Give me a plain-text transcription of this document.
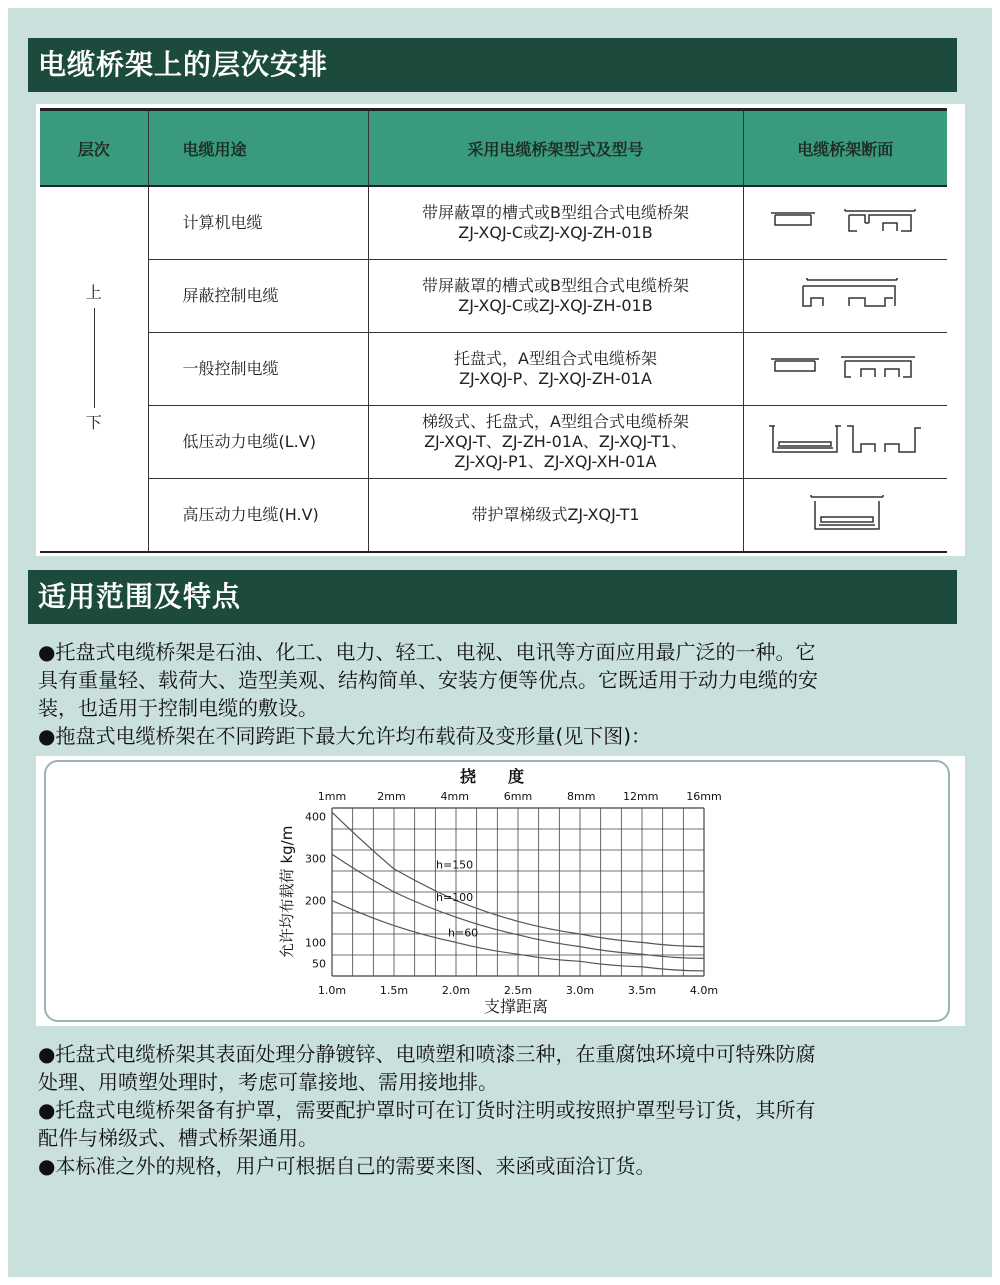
电缆桥架上的层次安排
层次	电缆用途	采用电缆桥架型式及型号	电缆桥架断面

上
下	计算机电缆	带屏蔽罩的槽式或B型组合式电缆桥架
ZJ-XQJ-C或ZJ-XQJ-ZH-01B

	屏蔽控制电缆	带屏蔽罩的槽式或B型组合式电缆桥架
ZJ-XQJ-C或ZJ-XQJ-ZH-01B

	一般控制电缆	托盘式，A型组合式电缆桥架
ZJ-XQJ-P、ZJ-XQJ-ZH-01A

	低压动力电缆(L.V)	梯级式、托盘式，A型组合式电缆桥架
ZJ-XQJ-T、ZJ-ZH-01A、ZJ-XQJ-T1、
ZJ-XQJ-P1、ZJ-XQJ-XH-01A

	高压动力电缆(H.V)	带护罩梯级式ZJ-XQJ-T1

适用范围及特点
●托盘式电缆桥架是石油、化工、电力、轻工、电视、电讯等方面应用最广泛的一种。它
具有重量轻、载荷大、造型美观、结构简单、安装方便等优点。它既适用于动力电缆的安
装，也适用于控制电缆的敷设。
●拖盘式电缆桥架在不同跨距下最大允许均布载荷及变形量(见下图)：
挠　　度
允许均布载荷 kg/m
支撑距离
1.0m	1.5m	2.0m	2.5m	3.0m	3.5m	4.0m
400
300
200
100
50
1mm	2mm	4mm	6mm	8mm	12mm	16mm
h=150
h=100
h=60
●托盘式电缆桥架其表面处理分静镀锌、电喷塑和喷漆三种，在重腐蚀环境中可特殊防腐
处理、用喷塑处理时，考虑可靠接地、需用接地排。
●托盘式电缆桥架备有护罩，需要配护罩时可在订货时注明或按照护罩型号订货，其所有
配件与梯级式、槽式桥架通用。
●本标准之外的规格，用户可根据自己的需要来图、来函或面洽订货。
